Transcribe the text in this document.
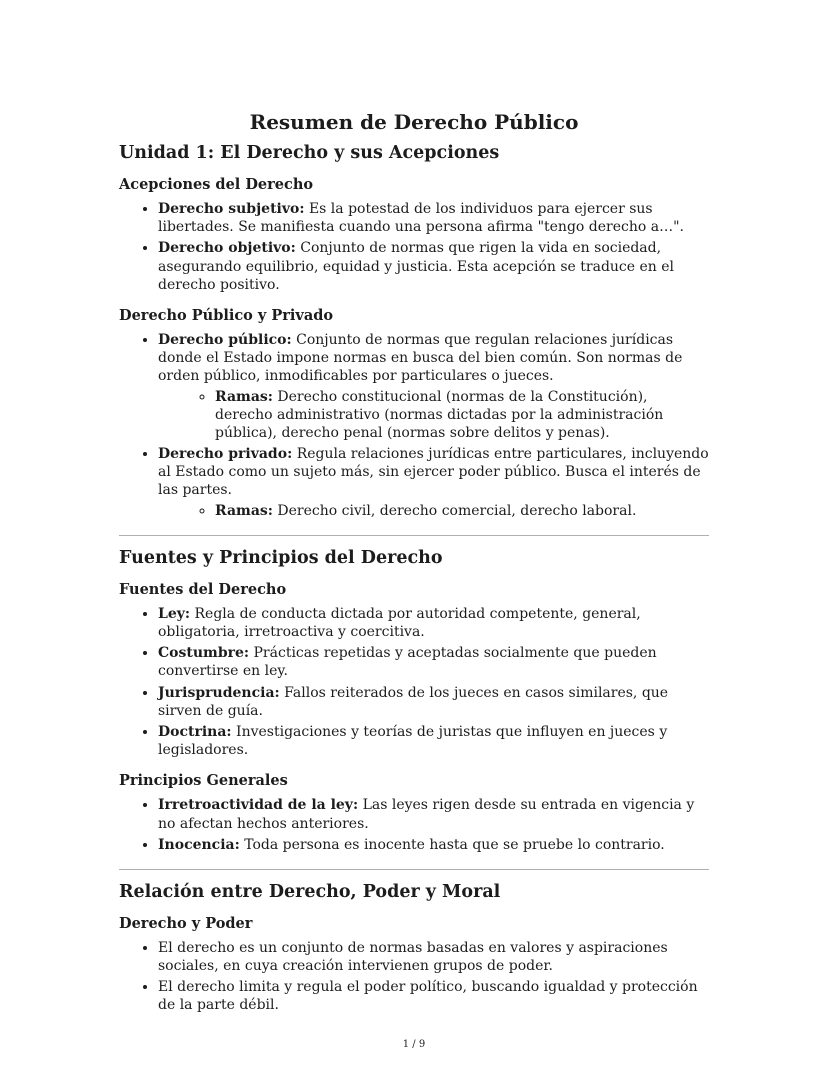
Resumen de Derecho Público
Unidad 1: El Derecho y sus Acepciones
Acepciones del Derecho
• Derecho subjetivo: Es la potestad de los individuos para ejercer sus libertades. Se manifiesta cuando una persona afirma "tengo derecho a…".
• Derecho objetivo: Conjunto de normas que rigen la vida en sociedad, asegurando equilibrio, equidad y justicia. Esta acepción se traduce en el derecho positivo.
Derecho Público y Privado
• Derecho público: Conjunto de normas que regulan relaciones jurídicas donde el Estado impone normas en busca del bien común. Son normas de orden público, inmodificables por particulares o jueces.
◦ Ramas: Derecho constitucional (normas de la Constitución), derecho administrativo (normas dictadas por la administración pública), derecho penal (normas sobre delitos y penas).
• Derecho privado: Regula relaciones jurídicas entre particulares, incluyendo al Estado como un sujeto más, sin ejercer poder público. Busca el interés de las partes.
◦ Ramas: Derecho civil, derecho comercial, derecho laboral.
Fuentes y Principios del Derecho
Fuentes del Derecho
• Ley: Regla de conducta dictada por autoridad competente, general, obligatoria, irretroactiva y coercitiva.
• Costumbre: Prácticas repetidas y aceptadas socialmente que pueden convertirse en ley.
• Jurisprudencia: Fallos reiterados de los jueces en casos similares, que sirven de guía.
• Doctrina: Investigaciones y teorías de juristas que influyen en jueces y legisladores.
Principios Generales
• Irretroactividad de la ley: Las leyes rigen desde su entrada en vigencia y no afectan hechos anteriores.
• Inocencia: Toda persona es inocente hasta que se pruebe lo contrario.
Relación entre Derecho, Poder y Moral
Derecho y Poder
• El derecho es un conjunto de normas basadas en valores y aspiraciones sociales, en cuya creación intervienen grupos de poder.
• El derecho limita y regula el poder político, buscando igualdad y protección de la parte débil.
1 / 9
